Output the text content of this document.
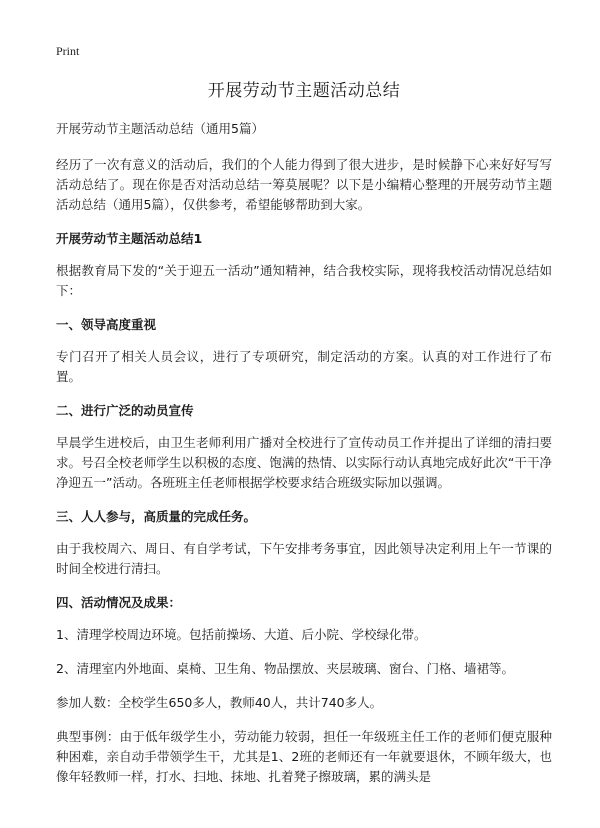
Print
开展劳动节主题活动总结
开展劳动节主题活动总结（通用5篇）

经历了一次有意义的活动后，我们的个人能力得到了很大进步，是时候静下心来好好写写活动总结了。现在你是否对活动总结一筹莫展呢？以下是小编精心整理的开展劳动节主题活动总结（通用5篇），仅供参考，希望能够帮助到大家。

开展劳动节主题活动总结1

根据教育局下发的“关于迎五一活动”通知精神，结合我校实际，现将我校活动情况总结如下：

一、领导高度重视

专门召开了相关人员会议，进行了专项研究，制定活动的方案。认真的对工作进行了布置。

二、进行广泛的动员宣传

早晨学生进校后，由卫生老师利用广播对全校进行了宣传动员工作并提出了详细的清扫要求。号召全校老师学生以积极的态度、饱满的热情、以实际行动认真地完成好此次“干干净净迎五一”活动。各班班主任老师根据学校要求结合班级实际加以强调。

三、人人参与，高质量的完成任务。

由于我校周六、周日、有自学考试，下午安排考务事宜，因此领导决定利用上午一节课的时间全校进行清扫。

四、活动情况及成果：

1、清理学校周边环境。包括前操场、大道、后小院、学校绿化带。

2、清理室内外地面、桌椅、卫生角、物品摆放、夹层玻璃、窗台、门格、墙裙等。

参加人数：全校学生650多人，教师40人，共计740多人。

典型事例：由于低年级学生小，劳动能力较弱，担任一年级班主任工作的老师们便克服种种困难，亲自动手带领学生干，尤其是1、2班的老师还有一年就要退休，不顾年级大，也像年轻教师一样，打水、扫地、抹地、扎着凳子擦玻璃，累的满头是
